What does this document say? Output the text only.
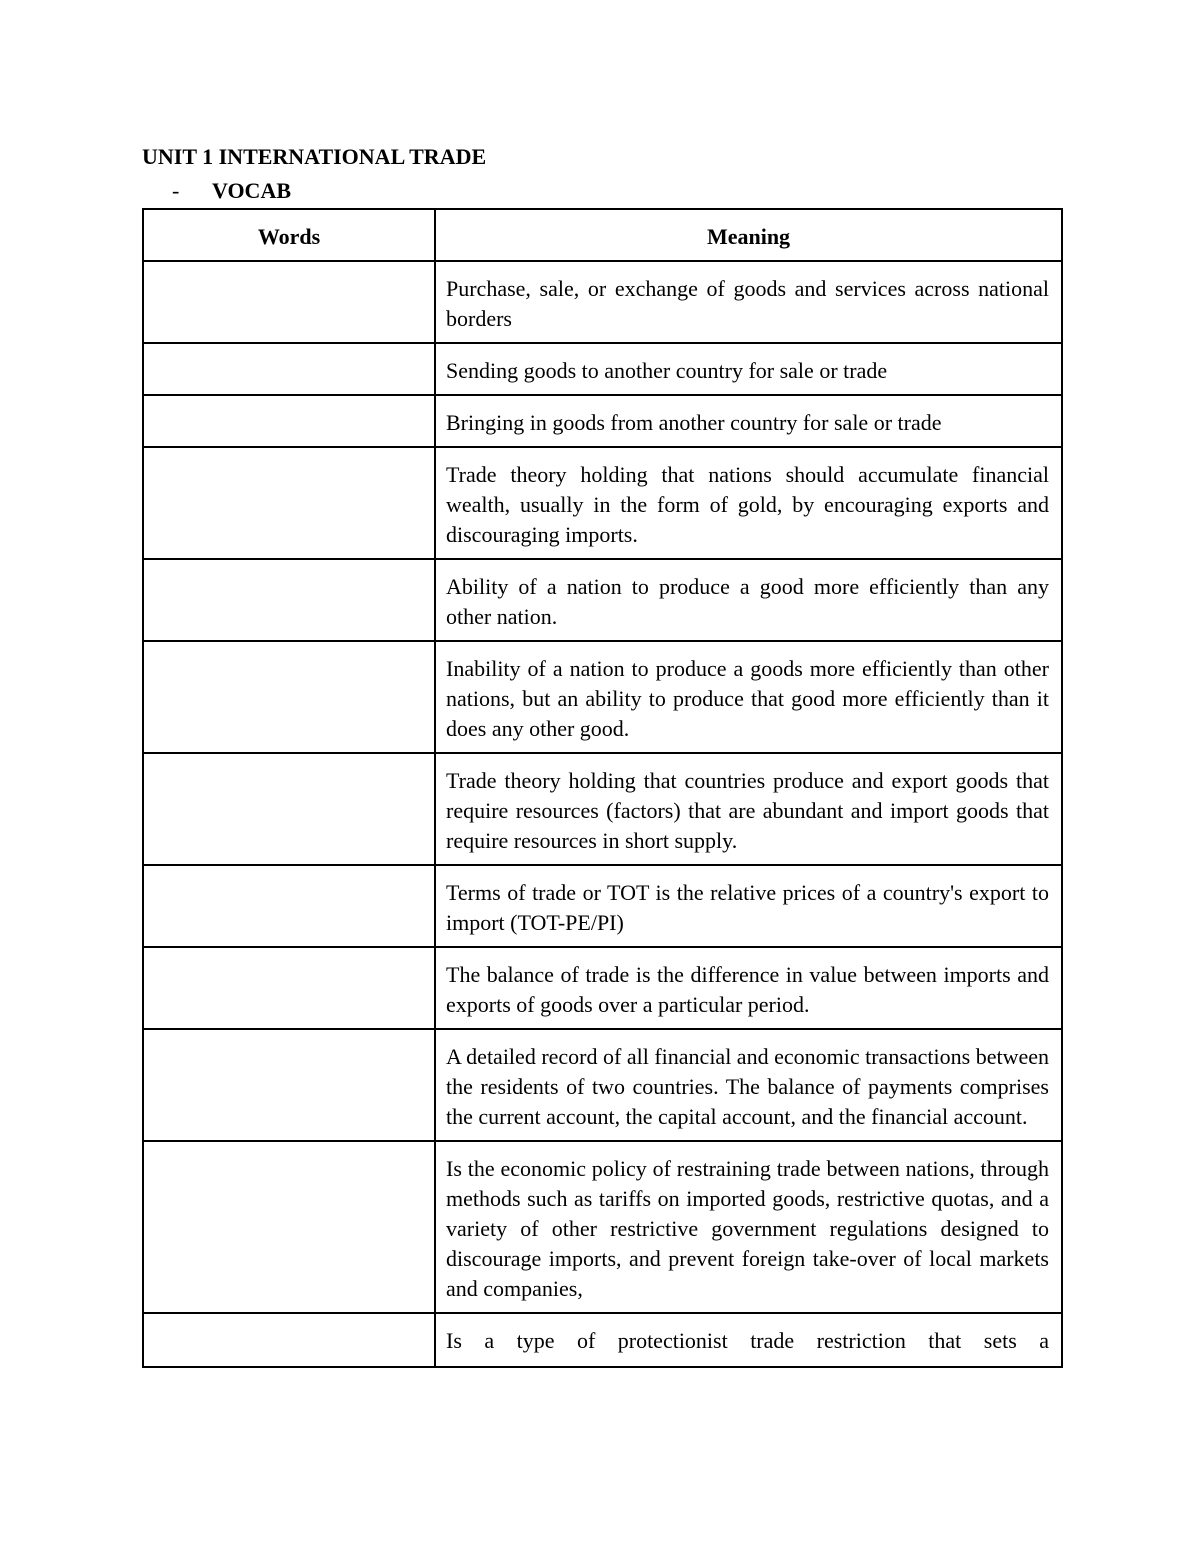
UNIT 1 INTERNATIONAL TRADE
- VOCAB
Words	Meaning
	Purchase, sale, or exchange of goods and services across national borders
	Sending goods to another country for sale or trade
	Bringing in goods from another country for sale or trade
	Trade theory holding that nations should accumulate financial wealth, usually in the form of gold, by encouraging exports and discouraging imports.
	Ability of a nation to produce a good more efficiently than any other nation.
	Inability of a nation to produce a goods more efficiently than other nations, but an ability to produce that good more efficiently than it does any other good.
	Trade theory holding that countries produce and export goods that require resources (factors) that are abundant and import goods that require resources in short supply.
	Terms of trade or TOT is the relative prices of a country's export to import (TOT-PE/PI)
	The balance of trade is the difference in value between imports and exports of goods over a particular period.
	A detailed record of all financial and economic transactions between the residents of two countries. The balance of payments comprises the current account, the capital account, and the financial account.
	Is the economic policy of restraining trade between nations, through methods such as tariffs on imported goods, restrictive quotas, and a variety of other restrictive government regulations designed to discourage imports, and prevent foreign take-over of local markets and companies,

	Is a type of protectionist trade restriction that sets a
